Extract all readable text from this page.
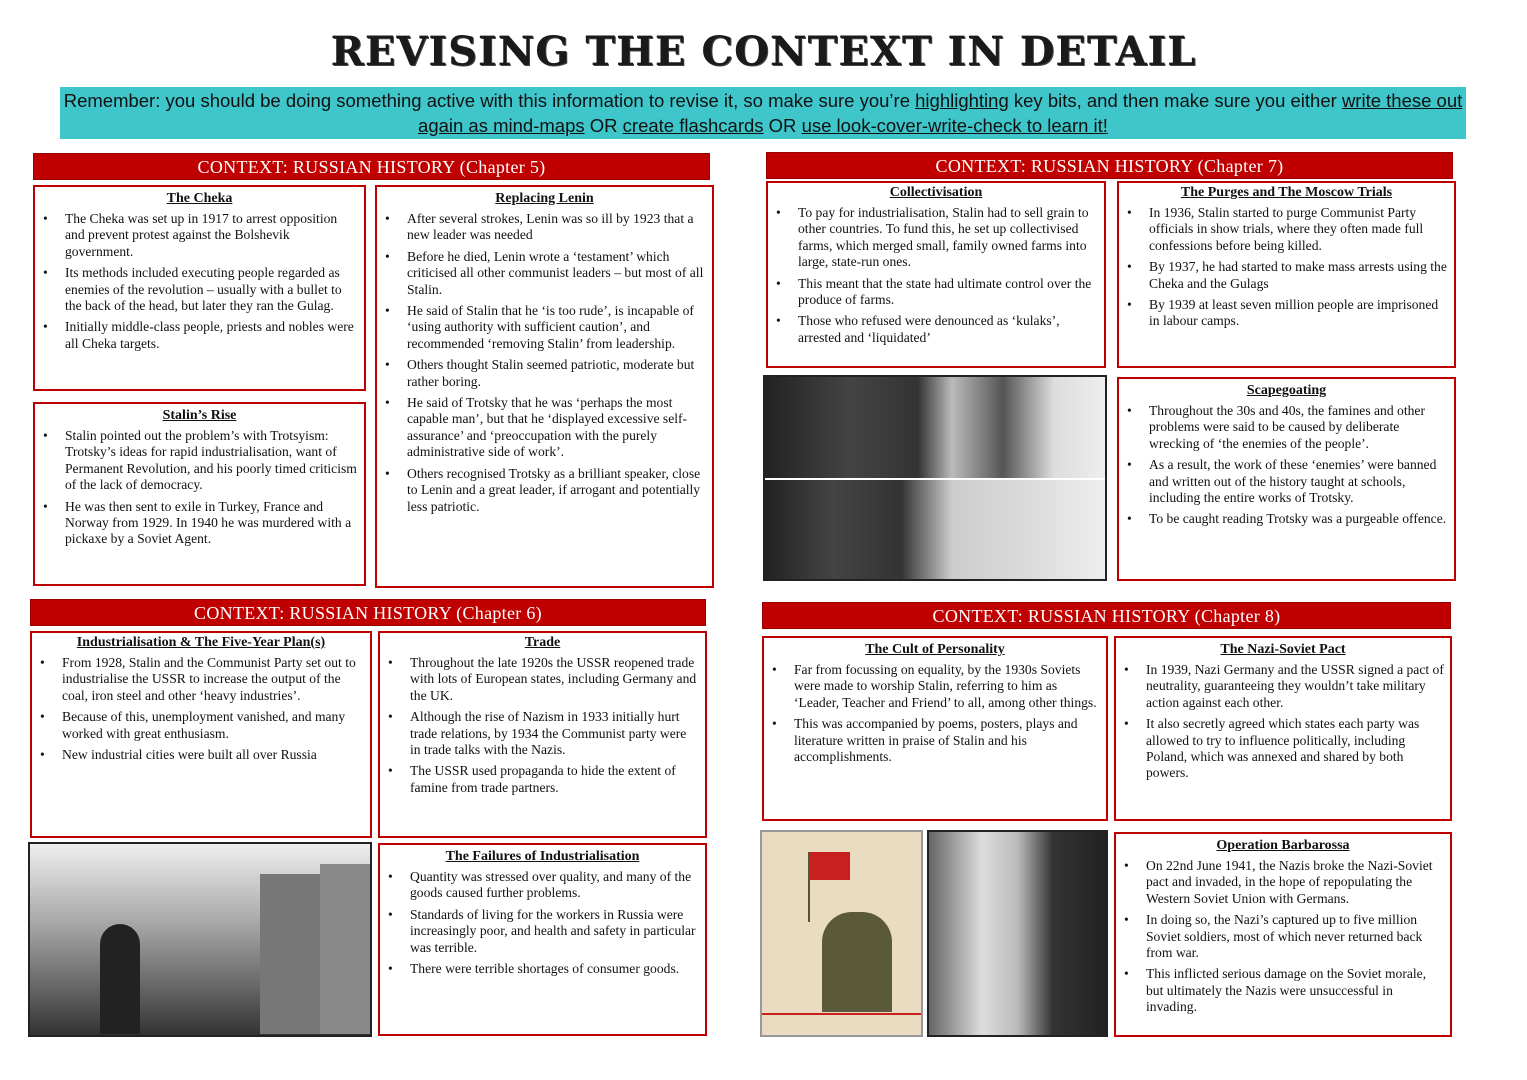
REVISING THE CONTEXT IN DETAIL
Remember: you should be doing something active with this information to revise it, so make sure you’re highlighting key bits, and then make sure you either write these out again as mind-maps OR create flashcards OR use look-cover-write-check to learn it!
CONTEXT: RUSSIAN HISTORY (Chapter 5)	CONTEXT: RUSSIAN HISTORY (Chapter 7)
CONTEXT: RUSSIAN HISTORY (Chapter 6)	CONTEXT: RUSSIAN HISTORY (Chapter 8)
The Cheka
• The Cheka was set up in 1917 to arrest opposition and prevent protest against the Bolshevik government.
• Its methods included executing people regarded as enemies of the revolution – usually with a bullet to the back of the head, but later they ran the Gulag.
• Initially middle-class people, priests and nobles were all Cheka targets.
Stalin’s Rise
• Stalin pointed out the problem’s with Trotsyism: Trotsky’s ideas for rapid industrialisation, want of Permanent Revolution, and his poorly timed criticism of the lack of democracy.
• He was then sent to exile in Turkey, France and Norway from 1929. In 1940 he was murdered with a pickaxe by a Soviet Agent.
Replacing Lenin
• After several strokes, Lenin was so ill by 1923 that a new leader was needed
• Before he died, Lenin wrote a ‘testament’ which criticised all other communist leaders – but most of all Stalin.
• He said of Stalin that he ‘is too rude’, is incapable of ‘using authority with sufficient caution’, and recommended ‘removing Stalin’ from leadership.
• Others thought Stalin seemed patriotic, moderate but rather boring.
• He said of Trotsky that he was ‘perhaps the most capable man’, but that he ‘displayed excessive self-assurance’ and ‘preoccupation with the purely administrative side of work’.
• Others recognised Trotsky as a brilliant speaker, close to Lenin and a great leader, if arrogant and potentially less patriotic.
Collectivisation
• To pay for industrialisation, Stalin had to sell grain to other countries. To fund this, he set up collectivised farms, which merged small, family owned farms into large, state-run ones.
• This meant that the state had ultimate control over the produce of farms.
• Those who refused were denounced as ‘kulaks’, arrested and ‘liquidated’
The Purges and The Moscow Trials
• In 1936, Stalin started to purge Communist Party officials in show trials, where they often made full confessions before being killed.
• By 1937, he had started to make mass arrests using the Cheka and the Gulags
• By 1939 at least seven million people are imprisoned in labour camps.
Scapegoating
• Throughout the 30s and 40s, the famines and other problems were said to be caused by deliberate wrecking of ‘the enemies of the people’.
• As a result, the work of these ‘enemies’ were banned and written out of the history taught at schools, including the entire works of Trotsky.
• To be caught reading Trotsky was a purgeable offence.
Industrialisation & The Five-Year Plan(s)
• From 1928, Stalin and the Communist Party set out to industrialise the USSR to increase the output of the coal, iron steel and other ‘heavy industries’.
• Because of this, unemployment vanished, and many worked with great enthusiasm.
• New industrial cities were built all over Russia
Trade
• Throughout the late 1920s the USSR reopened trade with lots of European states, including Germany and the UK.
• Although the rise of Nazism in 1933 initially hurt trade relations, by 1934 the Communist party were in trade talks with the Nazis.
• The USSR used propaganda to hide the extent of famine from trade partners.
The Failures of Industrialisation
• Quantity was stressed over quality, and many of the goods caused further problems.
• Standards of living for the workers in Russia were increasingly poor, and health and safety in particular was terrible.
• There were terrible shortages of consumer goods.
The Cult of Personality
• Far from focussing on equality, by the 1930s Soviets were made to worship Stalin, referring to him as ‘Leader, Teacher and Friend’ to all, among other things.
• This was accompanied by poems, posters, plays and literature written in praise of Stalin and his accomplishments.
The Nazi-Soviet Pact
• In 1939, Nazi Germany and the USSR signed a pact of neutrality, guaranteeing they wouldn’t take military action against each other.
• It also secretly agreed which states each party was allowed to try to influence politically, including Poland, which was annexed and shared by both powers.
Operation Barbarossa
• On 22nd June 1941, the Nazis broke the Nazi-Soviet pact and invaded, in the hope of repopulating the Western Soviet Union with Germans.
• In doing so, the Nazi’s captured up to five million Soviet soldiers, most of which never returned back from war.
• This inflicted serious damage on the Soviet morale, but ultimately the Nazis were unsuccessful in invading.
